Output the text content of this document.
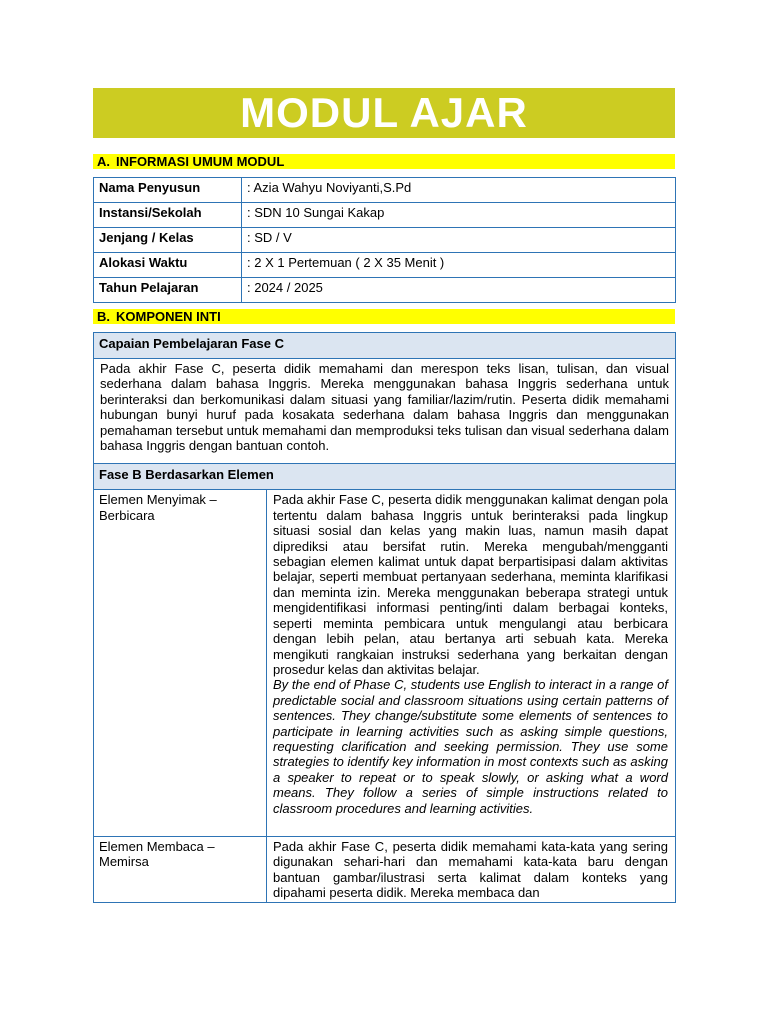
MODUL AJAR
A. INFORMASI UMUM MODUL
Nama Penyusun	: Azia Wahyu Noviyanti,S.Pd
Instansi/Sekolah	: SDN 10 Sungai Kakap
Jenjang / Kelas	: SD / V
Alokasi Waktu	: 2 X 1 Pertemuan ( 2 X 35 Menit )
Tahun Pelajaran	: 2024 / 2025
B. KOMPONEN INTI
Capaian Pembelajaran Fase C	
Pada akhir Fase C, peserta didik memahami dan merespon teks lisan, tulisan, dan visual sederhana dalam bahasa Inggris. Mereka menggunakan bahasa Inggris sederhana untuk berinteraksi dan berkomunikasi dalam situasi yang familiar/lazim/rutin. Peserta didik memahami hubungan bunyi huruf pada kosakata sederhana dalam bahasa Inggris dan menggunakan pemahaman tersebut untuk memahami dan memproduksi teks tulisan dan visual sederhana dalam bahasa Inggris dengan bantuan contoh.	
Fase B Berdasarkan Elemen	
Elemen Menyimak – Berbicara	Pada akhir Fase C, peserta didik menggunakan kalimat dengan pola tertentu dalam bahasa Inggris untuk berinteraksi pada lingkup situasi sosial dan kelas yang makin luas, namun masih dapat diprediksi atau bersifat rutin. Mereka mengubah/mengganti sebagian elemen kalimat untuk dapat berpartisipasi dalam aktivitas belajar, seperti membuat pertanyaan sederhana, meminta klarifikasi dan meminta izin. Mereka menggunakan beberapa strategi untuk mengidentifikasi informasi penting/inti dalam berbagai konteks, seperti meminta pembicara untuk mengulangi atau berbicara dengan lebih pelan, atau bertanya arti sebuah kata. Mereka mengikuti rangkaian instruksi sederhana yang berkaitan dengan prosedur kelas dan aktivitas belajar.
By the end of Phase C, students use English to interact in a range of predictable social and classroom situations using certain patterns of sentences. They change/substitute some elements of sentences to participate in learning activities such as asking simple questions, requesting clarification and seeking permission. They use some strategies to identify key information in most contexts such as asking a speaker to repeat or to speak slowly, or asking what a word means. They follow a series of simple instructions related to classroom procedures and learning activities.

Elemen Membaca – Memirsa	Pada akhir Fase C, peserta didik memahami kata-kata yang sering digunakan sehari-hari dan memahami kata-kata baru dengan bantuan gambar/ilustrasi serta kalimat dalam konteks yang dipahami peserta didik. Mereka membaca dan
